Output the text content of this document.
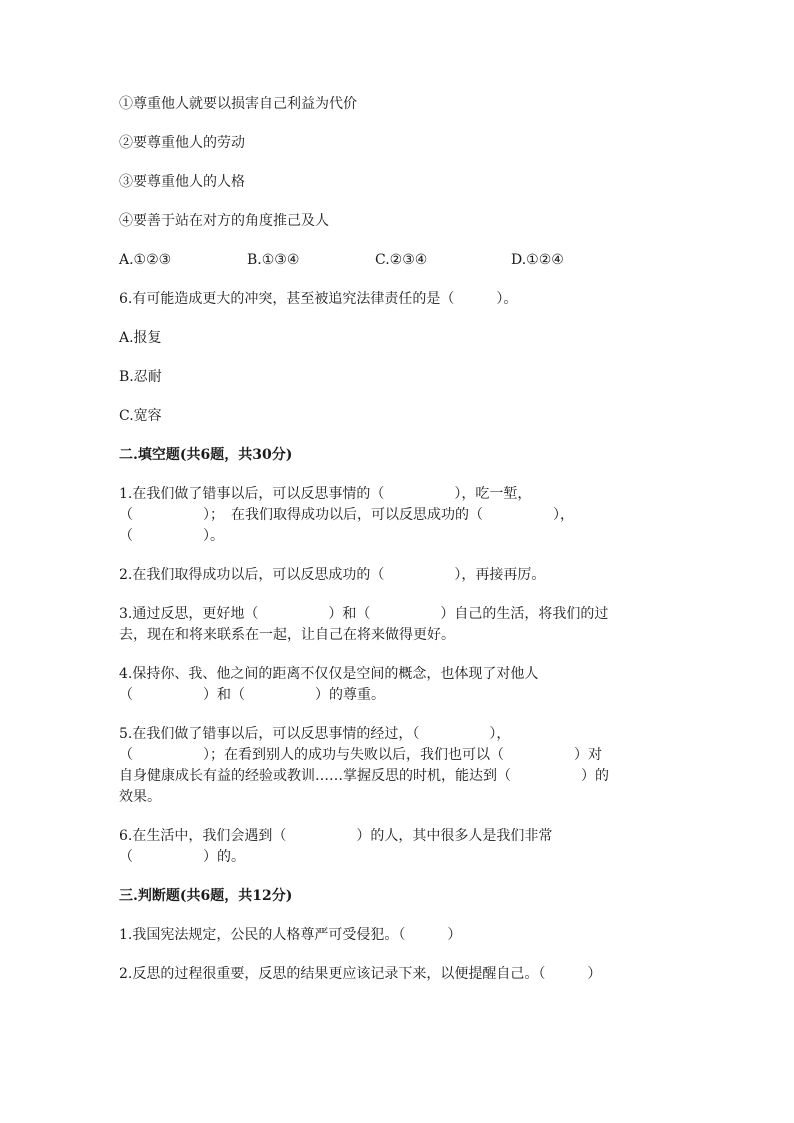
①尊重他人就要以损害自己利益为代价

②要尊重他人的劳动

③要尊重他人的人格

④要善于站在对方的角度推己及人

A.①②③	B.①③④	C.②③④	D.①②④

6.有可能造成更大的冲突，甚至被追究法律责任的是（　　　）。

A.报复

B.忍耐

C.宽容

二.填空题(共6题，共30分)

1.在我们做了错事以后，可以反思事情的（　　　　　），吃一堑，

（　　　　　）；　在我们取得成功以后，可以反思成功的（　　　　　），

（　　　　　）。

2.在我们取得成功以后，可以反思成功的（　　　　　），再接再厉。

3.通过反思，更好地（　　　　　）和（　　　　　）自己的生活，将我们的过

去，现在和将来联系在一起，让自己在将来做得更好。

4.保持你、我、他之间的距离不仅仅是空间的概念，也体现了对他人

（　　　　　）和（　　　　　）的尊重。

5.在我们做了错事以后，可以反思事情的经过，（　　　　　），

（　　　　　）；在看到别人的成功与失败以后，我们也可以（　　　　　）对

自身健康成长有益的经验或教训……掌握反思的时机，能达到（　　　　　）的

效果。

6.在生活中，我们会遇到（　　　　　）的人，其中很多人是我们非常

（　　　　　）的。

三.判断题(共6题，共12分)

1.我国宪法规定，公民的人格尊严可受侵犯。（　　　）

2.反思的过程很重要，反思的结果更应该记录下来，以便提醒自己。（　　　）
